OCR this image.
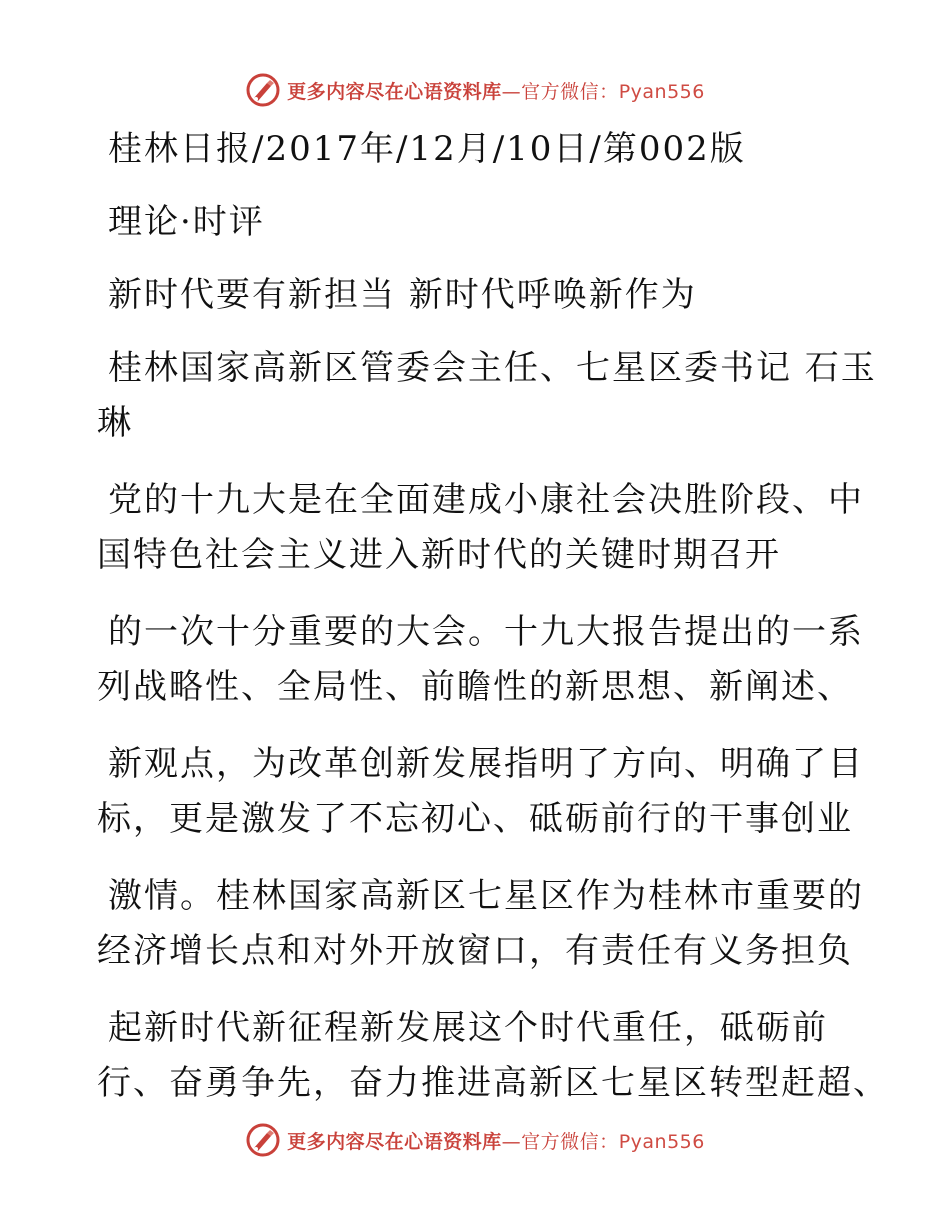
更多内容尽在心语资料库—官方微信：Pyan556
桂林日报/2017年/12月/10日/第002版
理论·时评
新时代要有新担当 新时代呼唤新作为
桂林国家高新区管委会主任、七星区委书记 石玉
琳
党的十九大是在全面建成小康社会决胜阶段、中
国特色社会主义进入新时代的关键时期召开
的一次十分重要的大会。十九大报告提出的一系
列战略性、全局性、前瞻性的新思想、新阐述、
新观点，为改革创新发展指明了方向、明确了目
标，更是激发了不忘初心、砥砺前行的干事创业
激情。桂林国家高新区七星区作为桂林市重要的
经济增长点和对外开放窗口，有责任有义务担负
起新时代新征程新发展这个时代重任，砥砺前
行、奋勇争先，奋力推进高新区七星区转型赶超、
更多内容尽在心语资料库—官方微信：Pyan556
